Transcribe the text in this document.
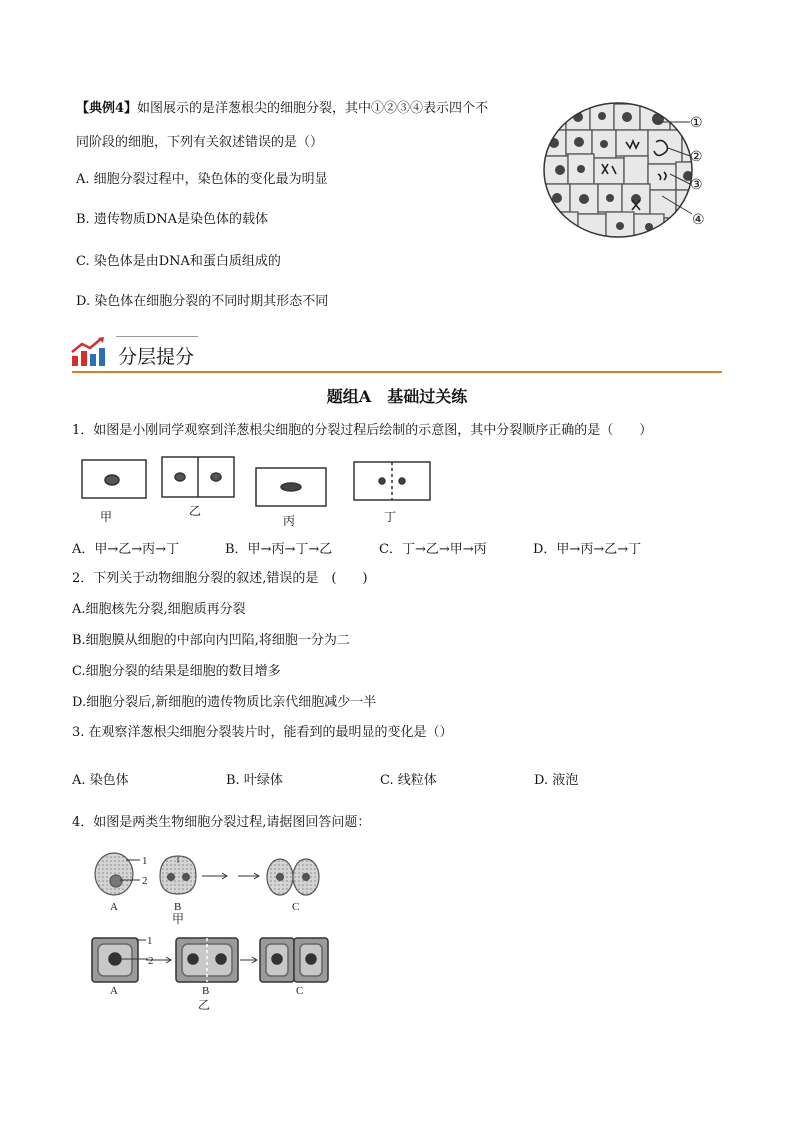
【典例4】如图展示的是洋葱根尖的细胞分裂，其中①②③④表示四个不
同阶段的细胞，下列有关叙述错误的是（）
A. 细胞分裂过程中，染色体的变化最为明显
B. 遗传物质DNA是染色体的载体
C. 染色体是由DNA和蛋白质组成的
D. 染色体在细胞分裂的不同时期其形态不同
①
②
③
④
分层提分
题组A　基础过关练
1．如图是小刚同学观察到洋葱根尖细胞的分裂过程后绘制的示意图，其中分裂顺序正确的是（　　）
甲	乙
丙	丁
A．甲→乙→丙→丁	B．甲→丙→丁→乙	C．丁→乙→甲→丙	D．甲→丙→乙→丁
2．下列关于动物细胞分裂的叙述,错误的是　(　　)
A.细胞核先分裂,细胞质再分裂
B.细胞膜从细胞的中部向内凹陷,将细胞一分为二
C.细胞分裂的结果是细胞的数目增多
D.细胞分裂后,新细胞的遗传物质比亲代细胞减少一半
3. 在观察洋葱根尖细胞分裂装片时，能看到的最明显的变化是（）
A. 染色体	B. 叶绿体	C. 线粒体	D. 液泡
4．如图是两类生物细胞分裂过程,请据图回答问题：
1
2
A	B	C
甲
1
2
A	B	C
乙
